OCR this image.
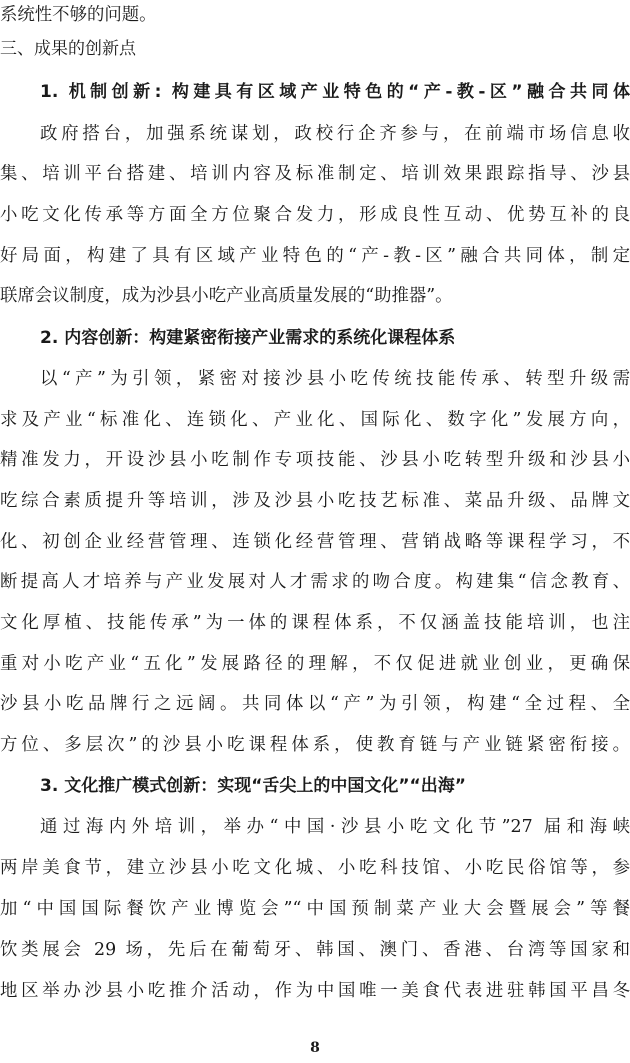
系统性不够的问题。
三、成果的创新点
1. 机制创新: 构建具有区域产业特色的“产-教-区”融合共同体
政府搭台，加强系统谋划，政校行企齐参与，在前端市场信息收
集、培训平台搭建、培训内容及标准制定、培训效果跟踪指导、沙县
小吃文化传承等方面全方位聚合发力，形成良性互动、优势互补的良
好局面，构建了具有区域产业特色的“产-教-区”融合共同体，制定
联席会议制度，成为沙县小吃产业高质量发展的“助推器”。
2. 内容创新：构建紧密衔接产业需求的系统化课程体系
以“产”为引领，紧密对接沙县小吃传统技能传承、转型升级需
求及产业“标准化、连锁化、产业化、国际化、数字化”发展方向，
精准发力，开设沙县小吃制作专项技能、沙县小吃转型升级和沙县小
吃综合素质提升等培训，涉及沙县小吃技艺标准、菜品升级、品牌文
化、初创企业经营管理、连锁化经营管理、营销战略等课程学习，不
断提高人才培养与产业发展对人才需求的吻合度。构建集“信念教育、
文化厚植、技能传承”为一体的课程体系，不仅涵盖技能培训，也注
重对小吃产业“五化”发展路径的理解，不仅促进就业创业，更确保
沙县小吃品牌行之远阔。共同体以“产”为引领，构建“全过程、全
方位、多层次”的沙县小吃课程体系，使教育链与产业链紧密衔接。
3. 文化推广模式创新：实现“舌尖上的中国文化”“出海”
通过海内外培训，举办“中国·沙县小吃文化节”27 届和海峡
两岸美食节，建立沙县小吃文化城、小吃科技馆、小吃民俗馆等，参
加“中国国际餐饮产业博览会”“中国预制菜产业大会暨展会”等餐
饮类展会 29 场，先后在葡萄牙、韩国、澳门、香港、台湾等国家和
地区举办沙县小吃推介活动，作为中国唯一美食代表进驻韩国平昌冬
8
